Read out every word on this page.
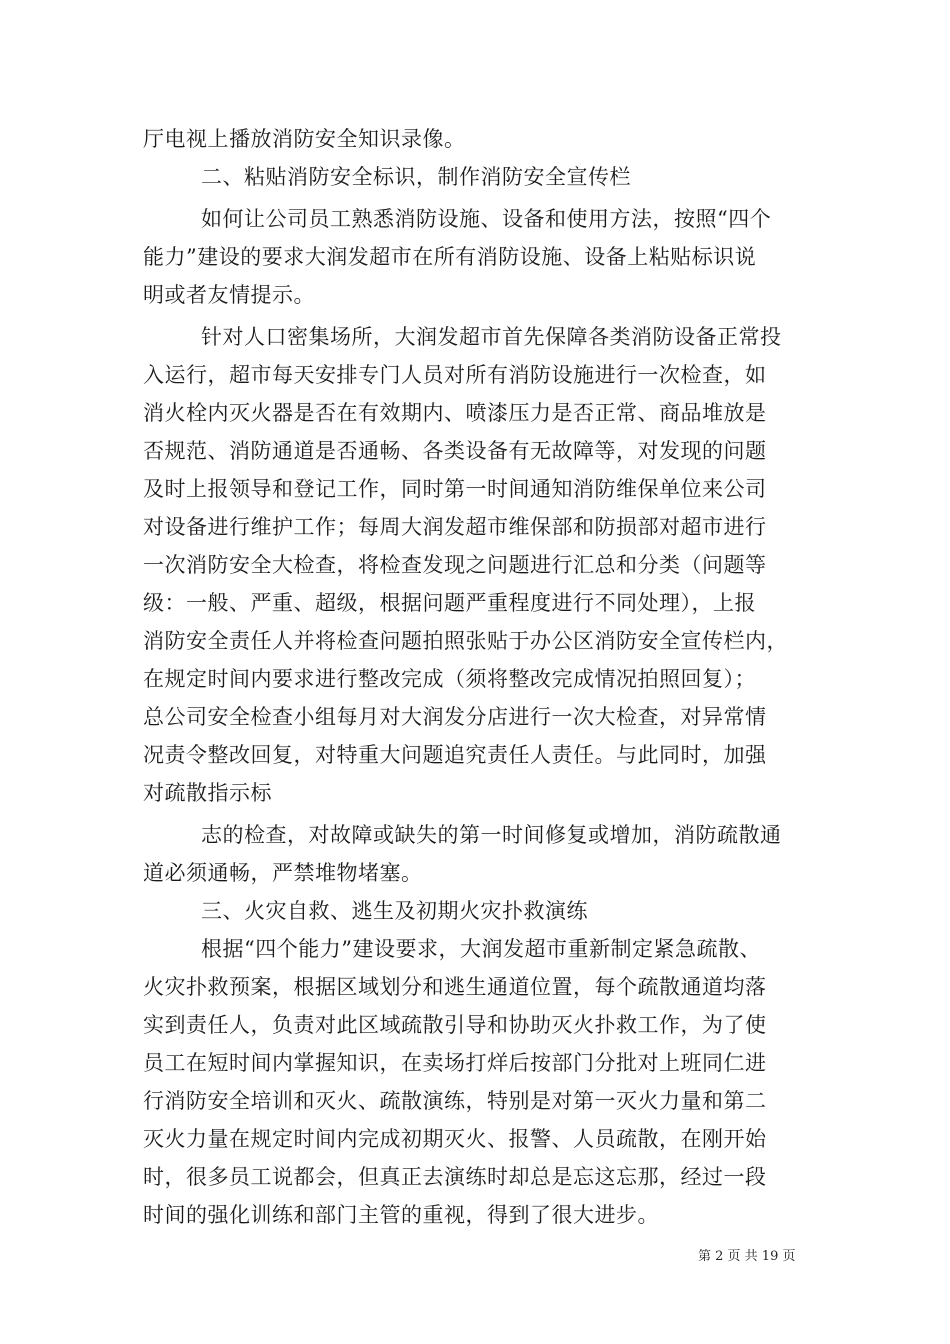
厅电视上播放消防安全知识录像。
二、粘贴消防安全标识，制作消防安全宣传栏
如何让公司员工熟悉消防设施、设备和使用方法，按照“四个
能力”建设的要求大润发超市在所有消防设施、设备上粘贴标识说
明或者友情提示。
针对人口密集场所，大润发超市首先保障各类消防设备正常投
入运行，超市每天安排专门人员对所有消防设施进行一次检查，如
消火栓内灭火器是否在有效期内、喷漆压力是否正常、商品堆放是
否规范、消防通道是否通畅、各类设备有无故障等，对发现的问题
及时上报领导和登记工作，同时第一时间通知消防维保单位来公司
对设备进行维护工作；每周大润发超市维保部和防损部对超市进行
一次消防安全大检查，将检查发现之问题进行汇总和分类（问题等
级：一般、严重、超级，根据问题严重程度进行不同处理），上报
消防安全责任人并将检查问题拍照张贴于办公区消防安全宣传栏内，
在规定时间内要求进行整改完成（须将整改完成情况拍照回复）；
总公司安全检查小组每月对大润发分店进行一次大检查，对异常情
况责令整改回复，对特重大问题追究责任人责任。与此同时，加强
对疏散指示标
志的检查，对故障或缺失的第一时间修复或增加，消防疏散通
道必须通畅，严禁堆物堵塞。
三、火灾自救、逃生及初期火灾扑救演练
根据“四个能力”建设要求，大润发超市重新制定紧急疏散、
火灾扑救预案，根据区域划分和逃生通道位置，每个疏散通道均落
实到责任人，负责对此区域疏散引导和协助灭火扑救工作，为了使
员工在短时间内掌握知识，在卖场打烊后按部门分批对上班同仁进
行消防安全培训和灭火、疏散演练，特别是对第一灭火力量和第二
灭火力量在规定时间内完成初期灭火、报警、人员疏散，在刚开始
时，很多员工说都会，但真正去演练时却总是忘这忘那，经过一段
时间的强化训练和部门主管的重视，得到了很大进步。
第 2 页 共 19 页
